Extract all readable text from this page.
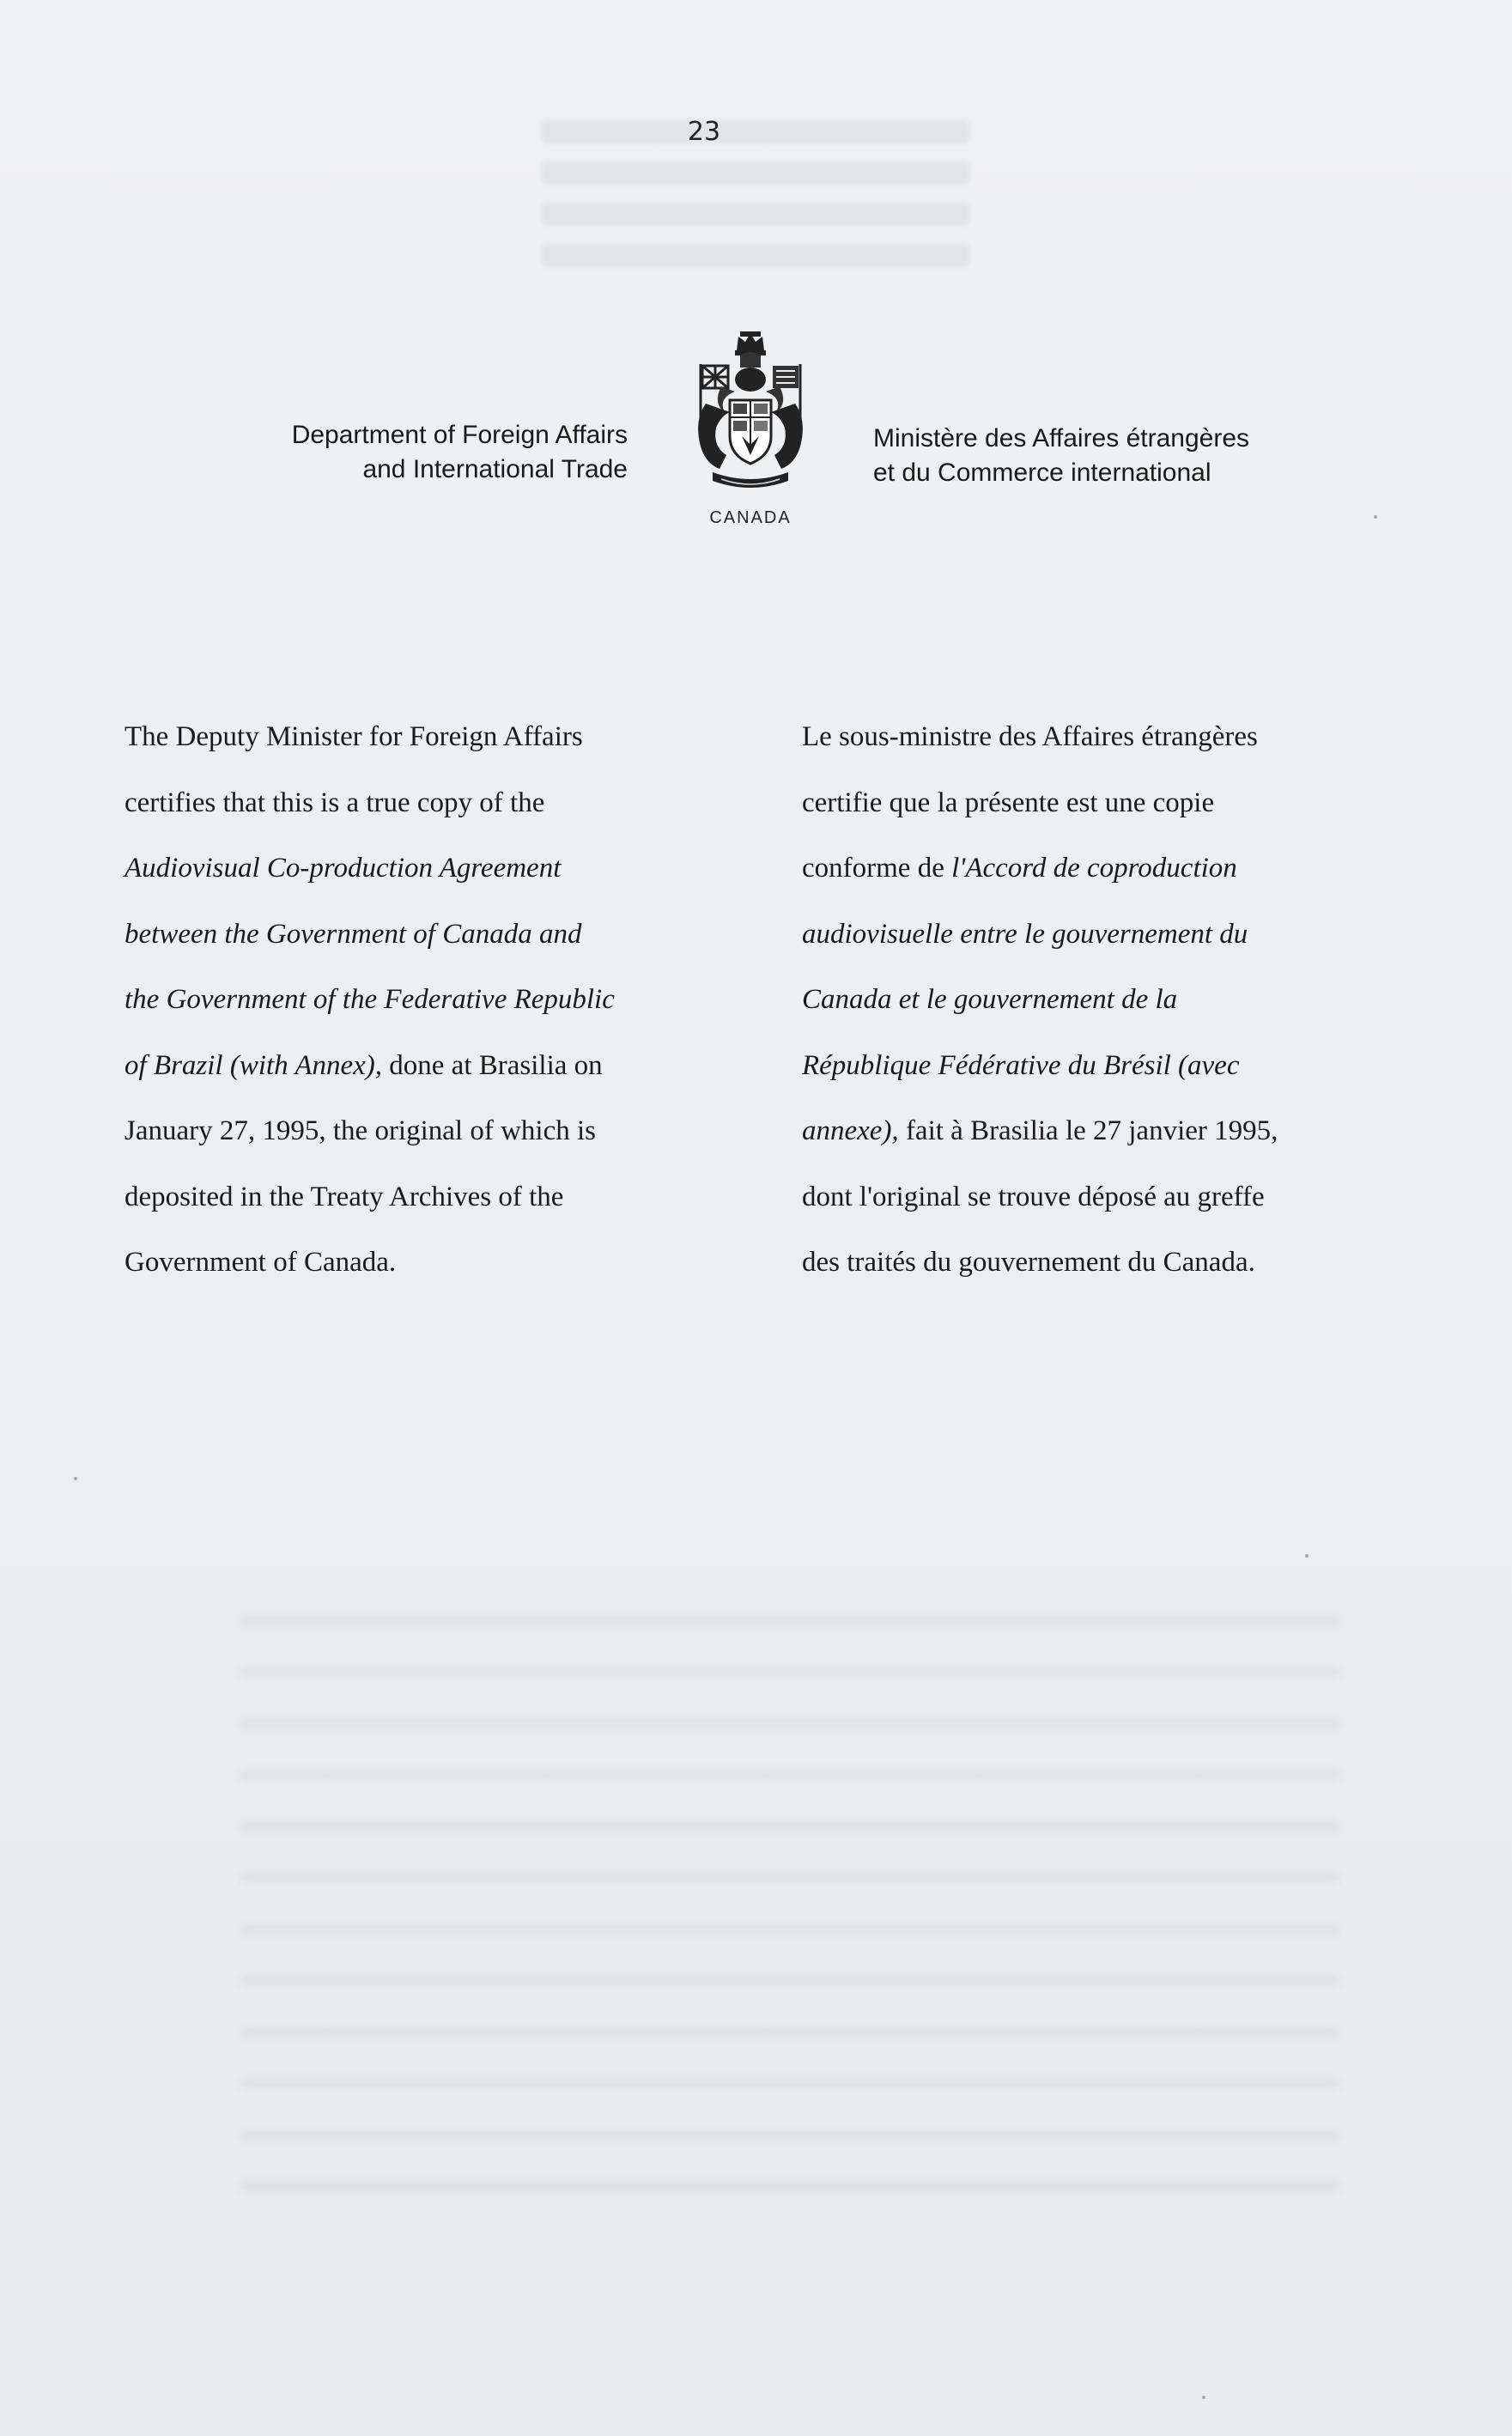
23
Department of Foreign Affairs
and International Trade
CANADA
Ministère des Affaires étrangères
et du Commerce international
The Deputy Minister for Foreign Affairs
certifies that this is a true copy of the
Audiovisual Co-production Agreement
between the Government of Canada and
the Government of the Federative Republic
of Brazil (with Annex), done at Brasilia on
January 27, 1995, the original of which is
deposited in the Treaty Archives of the
Government of Canada.
Le sous-ministre des Affaires étrangères
certifie que la présente est une copie
conforme de l'Accord de coproduction
audiovisuelle entre le gouvernement du
Canada et le gouvernement de la
République Fédérative du Brésil (avec
annexe), fait à Brasilia le 27 janvier 1995,
dont l'original se trouve déposé au greffe
des traités du gouvernement du Canada.
